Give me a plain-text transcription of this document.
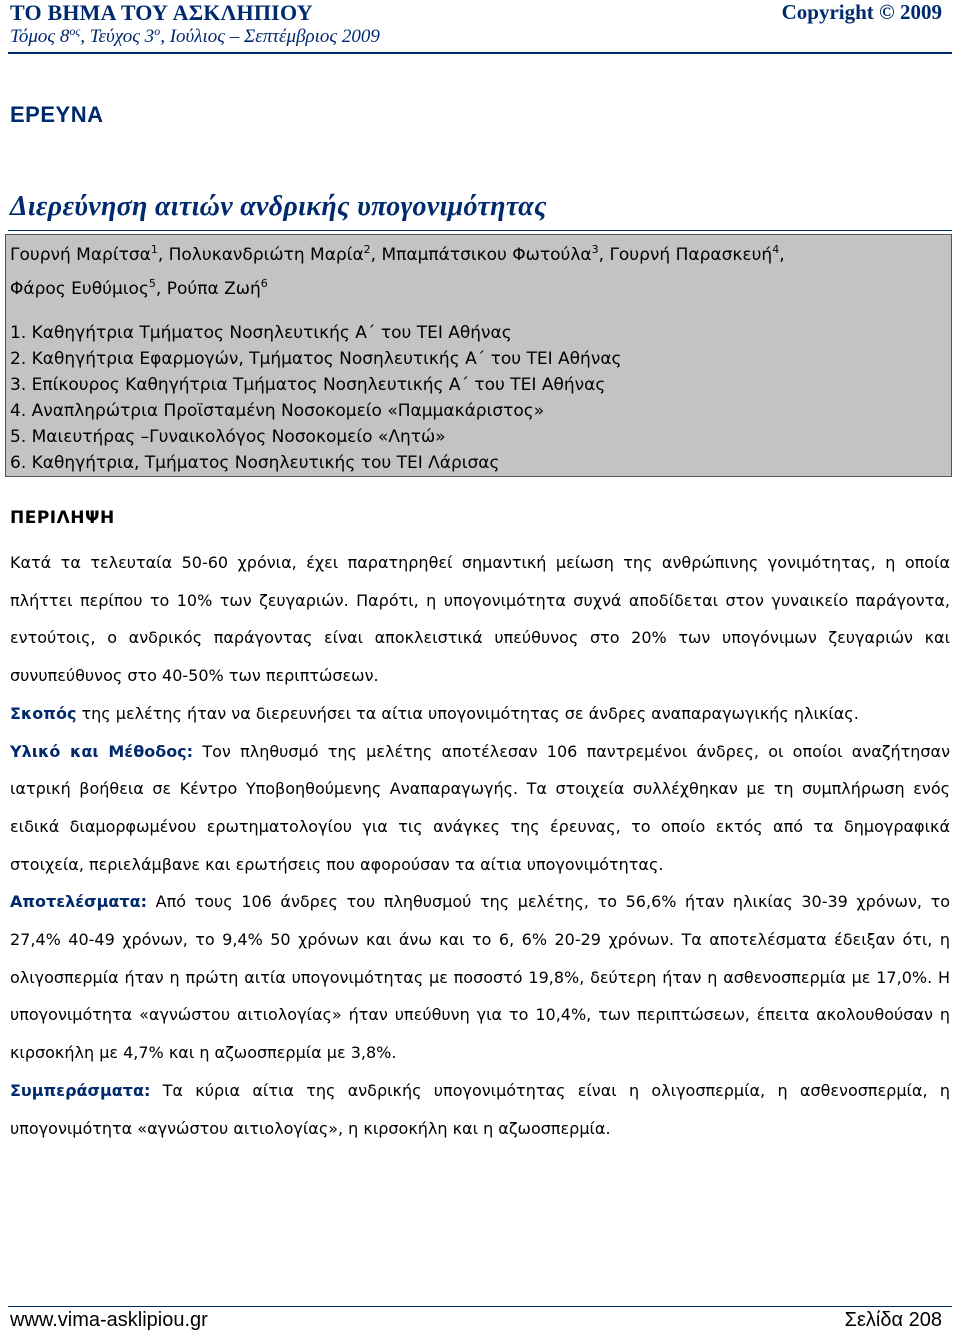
ΤΟ ΒΗΜΑ ΤΟΥ ΑΣΚΛΗΠΙΟΥ	Copyright © 2009
Τόμος $8^{o\varsigma}$, Τεύχος $3^o$, Ιούλιος – Σεπτέμβριος 2009
ΕΡΕΥΝΑ
Διερεύνηση αιτιών ανδρικής υπογονιμότητας
Γουρνή Μαρίτσα$^1$, Πολυκανδριώτη Μαρία$^2$, Μπαμπάτσικου Φωτούλα$^3$, Γουρνή Παρασκευή$^4$,
Φάρος Ευθύμιος$^5$, Ρούπα Ζωή$^6$
1. Καθηγήτρια Τμήματος Νοσηλευτικής Α΄ του ΤΕΙ Αθήνας
2. Καθηγήτρια Εφαρμογών, Τμήματος Νοσηλευτικής Α΄ του ΤΕΙ Αθήνας
3. Επίκουρος Καθηγήτρια Τμήματος Νοσηλευτικής Α΄ του ΤΕΙ Αθήνας
4. Αναπληρώτρια Προϊσταμένη Νοσοκομείο «Παμμακάριστος»
5. Μαιευτήρας –Γυναικολόγος Νοσοκομείο «Λητώ»
6. Καθηγήτρια, Τμήματος Νοσηλευτικής του ΤΕΙ Λάρισας
ΠΕΡΙΛΗΨΗ

Κατά τα τελευταία 50-60 χρόνια, έχει παρατηρηθεί σημαντική μείωση της ανθρώπινης γονιμότητας, η οποία πλήττει περίπου το 10% των ζευγαριών. Παρότι, η υπογονιμότητα συχνά αποδίδεται στον γυναικείο παράγοντα, εντούτοις, ο ανδρικός παράγοντας είναι αποκλειστικά υπεύθυνος στο 20% των υπογόνιμων ζευγαριών και συνυπεύθυνος στο 40-50% των περιπτώσεων.

Σκοπός της μελέτης ήταν να διερευνήσει τα αίτια υπογονιμότητας σε άνδρες αναπαραγωγικής ηλικίας.

Υλικό και Μέθοδος: Τον πληθυσμό της μελέτης αποτέλεσαν 106 παντρεμένοι άνδρες, οι οποίοι αναζήτησαν ιατρική βοήθεια σε Κέντρο Υποβοηθούμενης Αναπαραγωγής. Τα στοιχεία συλλέχθηκαν με τη συμπλήρωση ενός ειδικά διαμορφωμένου ερωτηματολογίου για τις ανάγκες της έρευνας, το οποίο εκτός από τα δημογραφικά στοιχεία, περιελάμβανε και ερωτήσεις που αφορούσαν τα αίτια υπογονιμότητας.

Αποτελέσματα: Από τους 106 άνδρες του πληθυσμού της μελέτης, το 56,6% ήταν ηλικίας 30-39 χρόνων, το 27,4% 40-49 χρόνων, το 9,4% 50 χρόνων και άνω και το 6, 6% 20-29 χρόνων. Τα αποτελέσματα έδειξαν ότι, η ολιγοσπερμία ήταν η πρώτη αιτία υπογονιμότητας με ποσοστό 19,8%, δεύτερη ήταν η ασθενοσπερμία με 17,0%. Η υπογονιμότητα «αγνώστου αιτιολογίας» ήταν υπεύθυνη για το 10,4%, των περιπτώσεων, έπειτα ακολουθούσαν η κιρσοκήλη με 4,7% και η αζωοσπερμία με 3,8%.

Συμπεράσματα: Τα κύρια αίτια της ανδρικής υπογονιμότητας είναι η ολιγοσπερμία, η ασθενοσπερμία, η υπογονιμότητα «αγνώστου αιτιολογίας», η κιρσοκήλη και η αζωοσπερμία.

www.vima-asklipiou.gr	Σελίδα 208
